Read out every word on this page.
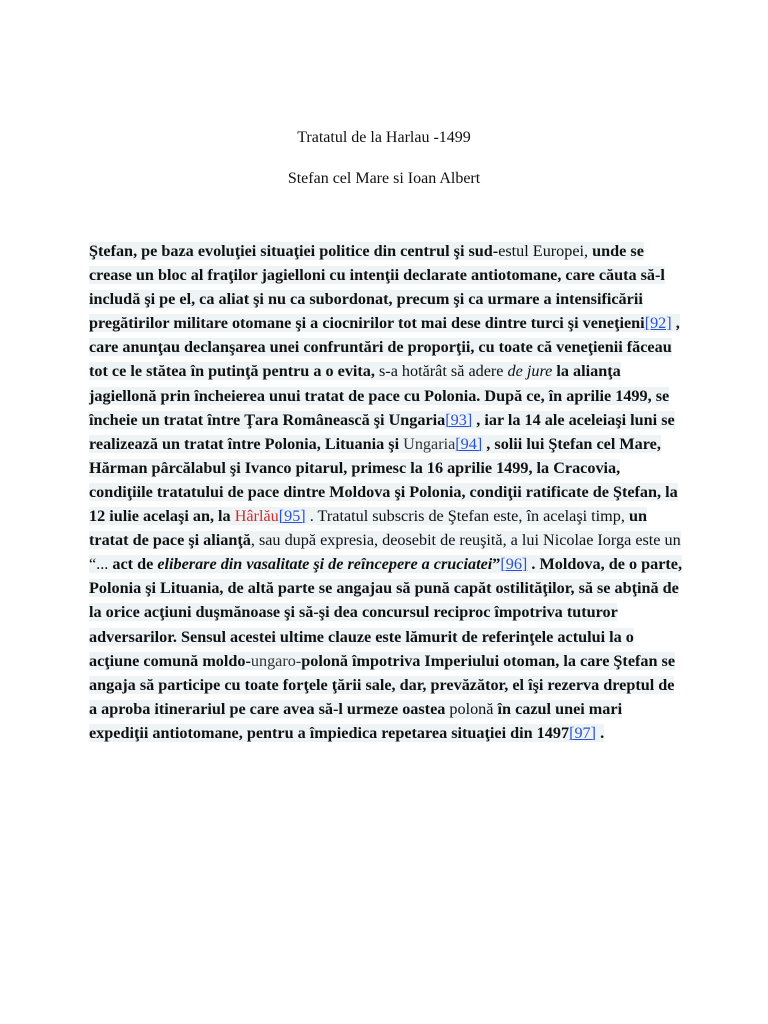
Tratatul de la Harlau -1499
Stefan cel Mare si Ioan Albert
Ştefan, pe baza evoluţiei situaţiei politice din centrul şi sud-estul Europei, unde se crease un bloc al fraţilor jagielloni cu intenţii declarate antiotomane, care căuta să-l includă şi pe el, ca aliat şi nu ca subordonat, precum şi ca urmare a intensificării pregătirilor militare otomane şi a ciocnirilor tot mai dese dintre turci şi veneţieni[92] , care anunţau declanşarea unei confruntări de proporţii, cu toate că veneţienii făceau tot ce le stătea în putinţă pentru a o evita, s-a hotărât să adere de jure la alianţa jagiellonă prin încheierea unui tratat de pace cu Polonia. După ce, în aprilie 1499, se încheie un tratat între Ţara Românească şi Ungaria[93] , iar la 14 ale aceleiaşi luni se realizează un tratat între Polonia, Lituania şi Ungaria[94] , solii lui Ştefan cel Mare, Hărman pârcălabul şi Ivanco pitarul, primesc la 16 aprilie 1499, la Cracovia, condiţiile tratatului de pace dintre Moldova şi Polonia, condiţii ratificate de Ştefan, la 12 iulie acelaşi an, la Hârlău[95] . Tratatul subscris de Ştefan este, în acelaşi timp, un tratat de pace şi alianţă, sau după expresia, deosebit de reuşită, a lui Nicolae Iorga este un “... act de eliberare din vasalitate şi de reîncepere a cruciatei”[96] . Moldova, de o parte, Polonia şi Lituania, de altă parte se angajau să pună capăt ostilităţilor, să se abţină de la orice acţiuni duşmănoase şi să-şi dea concursul reciproc împotriva tuturor adversarilor. Sensul acestei ultime clauze este lămurit de referinţele actului la o acţiune comună moldo-ungaro-polonă împotriva Imperiului otoman, la care Ştefan se angaja să participe cu toate forţele ţării sale, dar, prevăzător, el îşi rezerva dreptul de a aproba itinerariul pe care avea să-l urmeze oastea polonă în cazul unei mari expediţii antiotomane, pentru a împiedica repetarea situaţiei din 1497[97] .
